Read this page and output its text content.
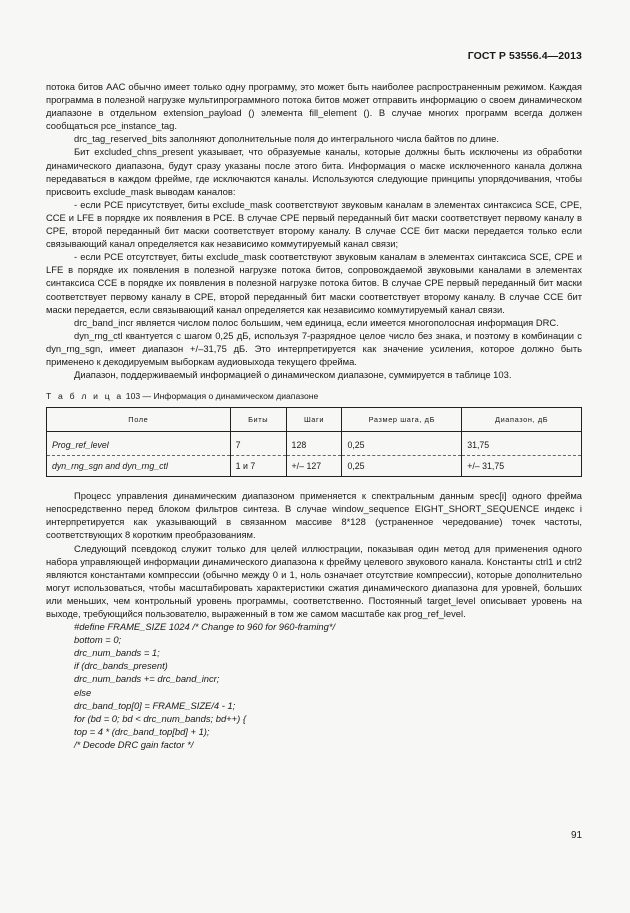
ГОСТ Р 53556.4—2013

потока битов AAC обычно имеет только одну программу, это может быть наиболее распространенным режимом. Каждая программа в полезной нагрузке мультипрограммного потока битов может отправить информацию о своем динамическом диапазоне в отдельном extension_payload () элемента fill_element (). В случае многих программ всегда должен сообщаться pce_instance_tag.

drc_tag_reserved_bits заполняют дополнительные поля до интегрального числа байтов по длине.

Бит excluded_chns_present указывает, что образуемые каналы, которые должны быть исключены из обработки динамического диапазона, будут сразу указаны после этого бита. Информация о маске исключенного канала должна передаваться в каждом фрейме, где исключаются каналы. Используются следующие принципы упорядочивания, чтобы присвоить exclude_mask выводам каналов:

- если PCE присутствует, биты exclude_mask соответствуют звуковым каналам в элементах синтаксиса SCE, CPE, CCE и LFE в порядке их появления в PCE. В случае CPE первый переданный бит маски соответствует первому каналу в CPE, второй переданный бит маски соответствует второму каналу. В случае CCE бит маски передается только если связывающий канал определяется как независимо коммутируемый канал связи;

- если PCE отсутствует, биты exclude_mask соответствуют звуковым каналам в элементах синтаксиса SCE, CPE и LFE в порядке их появления в полезной нагрузке потока битов, сопровождаемой звуковыми каналами в элементах синтаксиса CCE в порядке их появления в полезной нагрузке потока битов. В случае CPE первый переданный бит маски соответствует первому каналу в CPE, второй переданный бит маски соответствует второму каналу. В случае CCE бит маски передается, если связывающий канал определяется как независимо коммутируемый канал связи.

drc_band_incr является числом полос большим, чем единица, если имеется многополосная информация DRC.

dyn_rng_ctl квантуется с шагом 0,25 дБ, используя 7-разрядное целое число без знака, и поэтому в комбинации с dyn_rng_sgn, имеет диапазон +/–31,75 дБ. Это интерпретируется как значение усиления, которое должно быть применено к декодируемым выборкам аудиовыхода текущего фрейма.

Диапазон, поддерживаемый информацией о динамическом диапазоне, суммируется в таблице 103.

Т а б л и ц а 103 — Информация о динамическом диапазоне
Поле	Биты	Шаги	Размер шага, дБ	Диапазон, дБ
Prog_ref_level	7	128	0,25	31,75
dyn_rng_sgn and dyn_rng_ctl	1 и 7	+/– 127	0,25	+/– 31,75

Процесс управления динамическим диапазоном применяется к спектральным данным spec[i] одного фрейма непосредственно перед блоком фильтров синтеза. В случае window_sequence EIGHT_SHORT_SEQUENCE индекс i интерпретируется как указывающий в связанном массиве 8*128 (устраненное чередование) точек частоты, соответствующих 8 коротким преобразованиям.

Следующий псевдокод служит только для целей иллюстрации, показывая один метод для применения одного набора управляющей информации динамического диапазона к фрейму целевого звукового канала. Константы ctrl1 и ctrl2 являются константами компрессии (обычно между 0 и 1, ноль означает отсутствие компрессии), которые дополнительно могут использоваться, чтобы масштабировать характеристики сжатия динамического диапазона для уровней, больших или меньших, чем контрольный уровень программы, соответственно. Постоянный target_level описывает уровень на выходе, требующийся пользователю, выраженный в том же самом масштабе как prog_ref_level.

#define FRAME_SIZE 1024 /* Change to 960 for 960-framing*/

bottom = 0;

drc_num_bands = 1;

if (drc_bands_present)

drc_num_bands += drc_band_incr;

else

drc_band_top[0] = FRAME_SIZE/4 - 1;

for (bd = 0; bd < drc_num_bands; bd++) {

top = 4 * (drc_band_top[bd] + 1);

/* Decode DRC gain factor */

91
